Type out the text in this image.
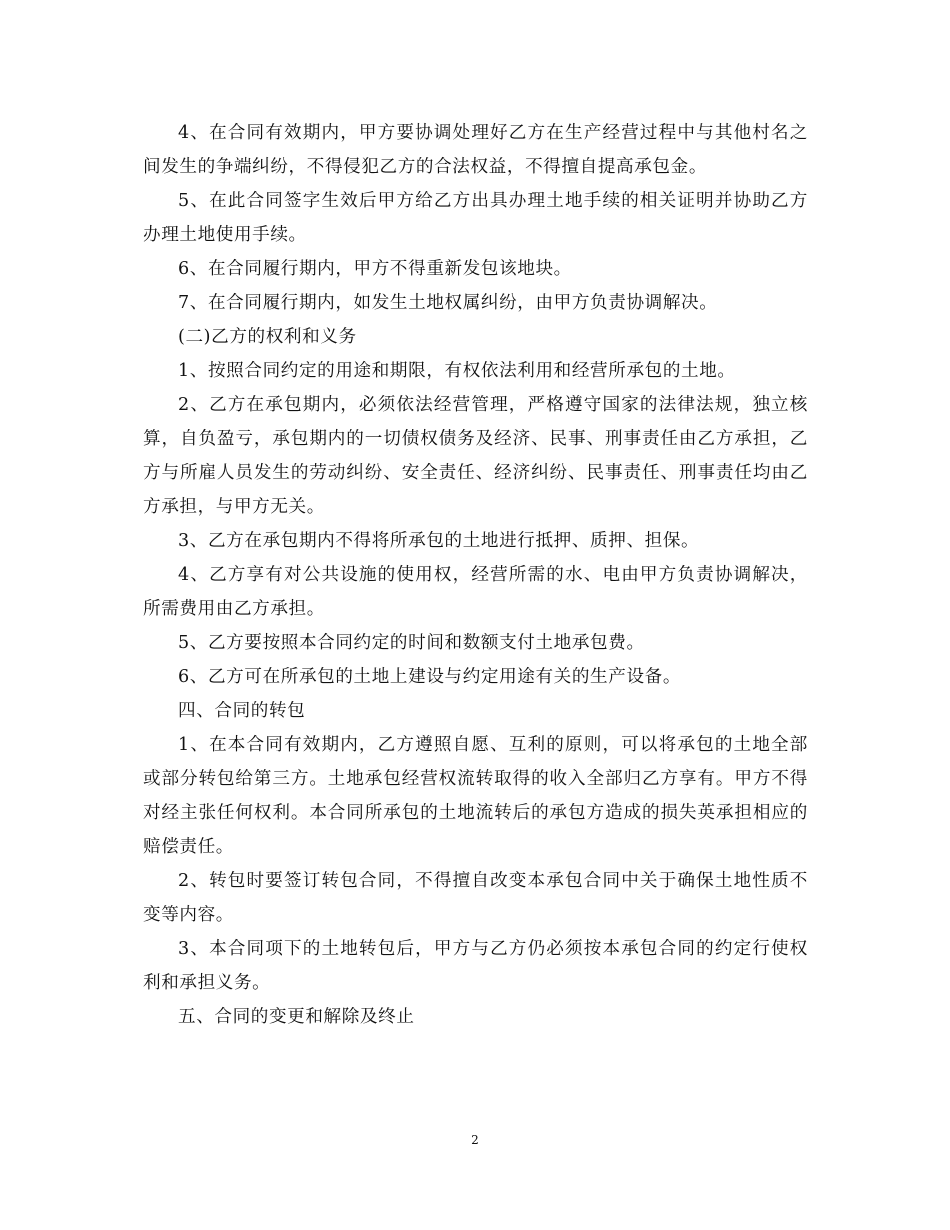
4、在合同有效期内，甲方要协调处理好乙方在生产经营过程中与其他村名之间发生的争端纠纷，不得侵犯乙方的合法权益，不得擅自提高承包金。

5、在此合同签字生效后甲方给乙方出具办理土地手续的相关证明并协助乙方办理土地使用手续。

6、在合同履行期内，甲方不得重新发包该地块。

7、在合同履行期内，如发生土地权属纠纷，由甲方负责协调解决。

(二)乙方的权利和义务

1、按照合同约定的用途和期限，有权依法利用和经营所承包的土地。

2、乙方在承包期内，必须依法经营管理，严格遵守国家的法律法规，独立核算，自负盈亏，承包期内的一切债权债务及经济、民事、刑事责任由乙方承担，乙方与所雇人员发生的劳动纠纷、安全责任、经济纠纷、民事责任、刑事责任均由乙方承担，与甲方无关。

3、乙方在承包期内不得将所承包的土地进行抵押、质押、担保。

4、乙方享有对公共设施的使用权，经营所需的水、电由甲方负责协调解决，所需费用由乙方承担。

5、乙方要按照本合同约定的时间和数额支付土地承包费。

6、乙方可在所承包的土地上建设与约定用途有关的生产设备。

四、合同的转包

1、在本合同有效期内，乙方遵照自愿、互利的原则，可以将承包的土地全部或部分转包给第三方。土地承包经营权流转取得的收入全部归乙方享有。甲方不得对经主张任何权利。本合同所承包的土地流转后的承包方造成的损失英承担相应的赔偿责任。

2、转包时要签订转包合同，不得擅自改变本承包合同中关于确保土地性质不变等内容。

3、本合同项下的土地转包后，甲方与乙方仍必须按本承包合同的约定行使权利和承担义务。

五、合同的变更和解除及终止

2
